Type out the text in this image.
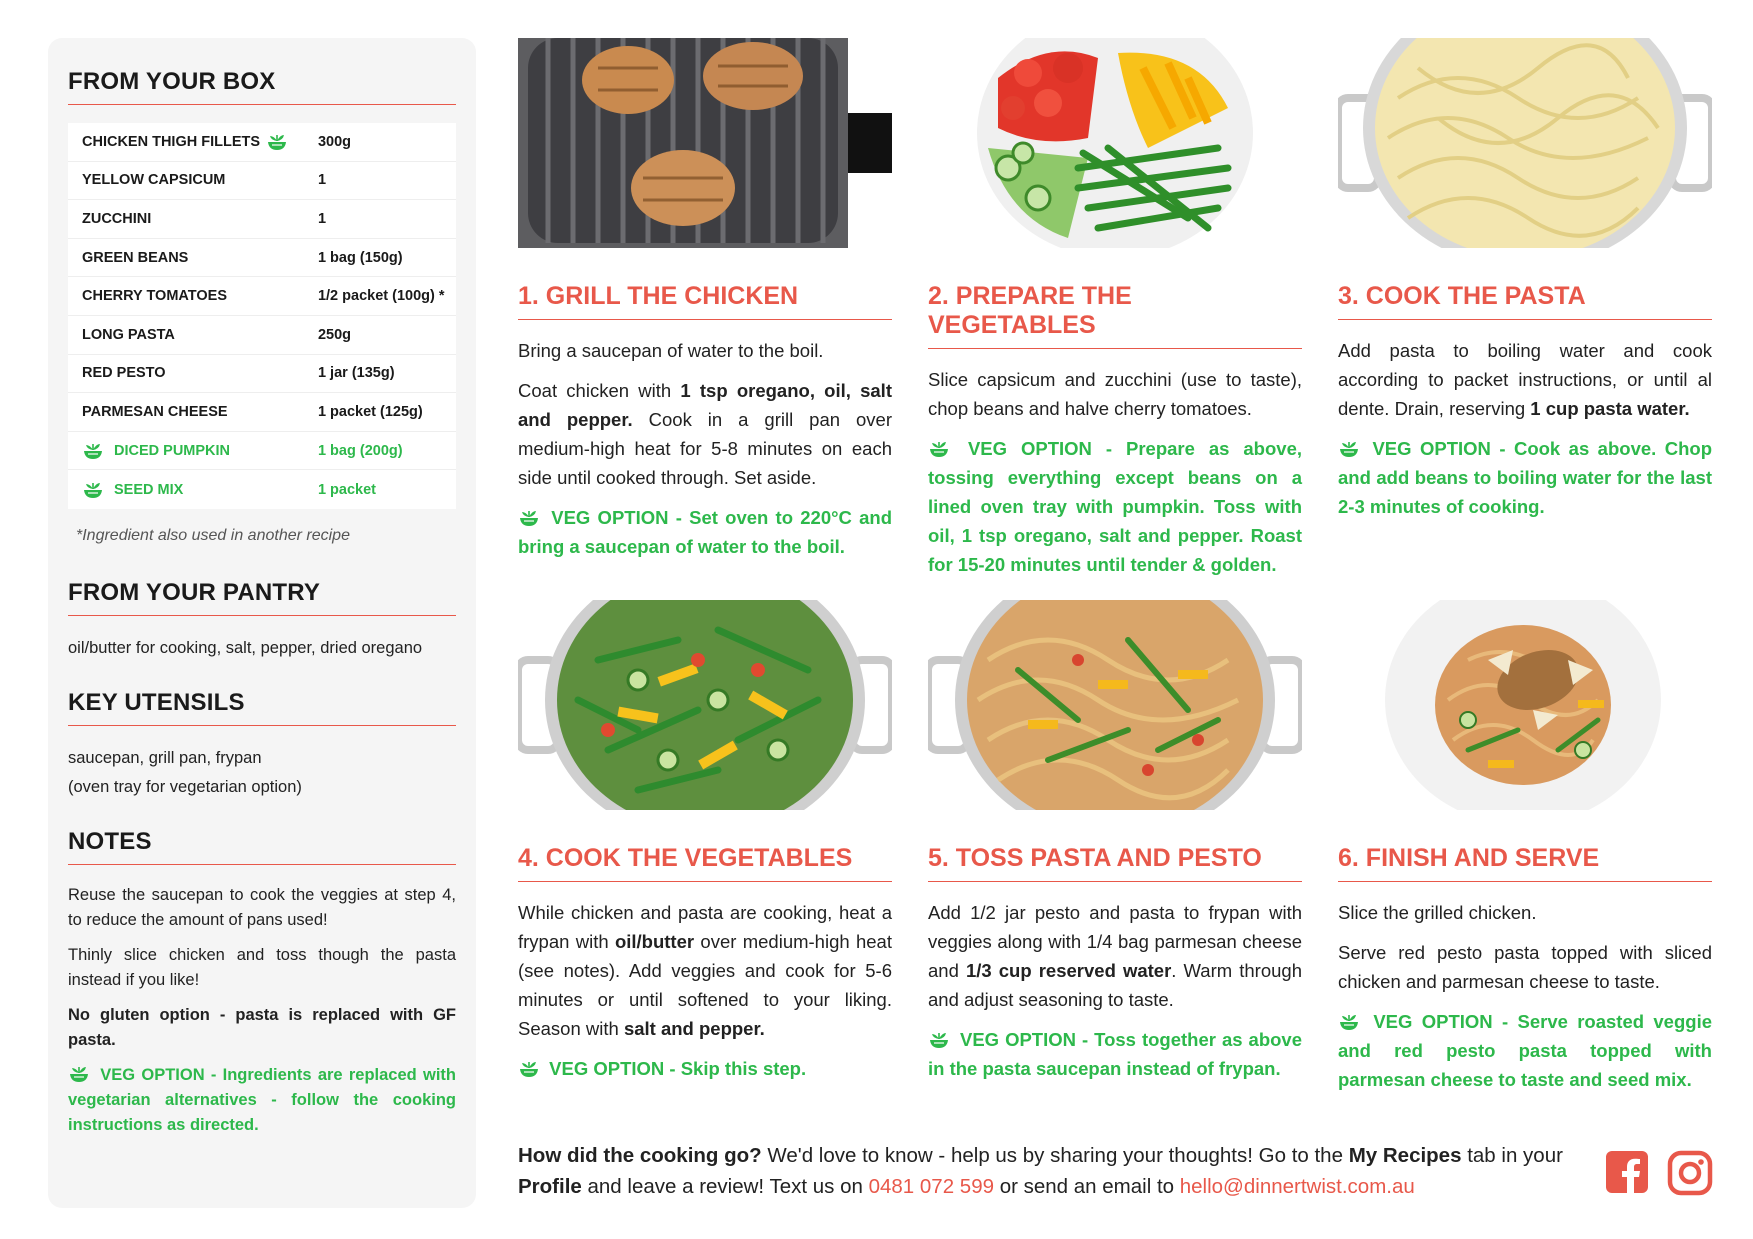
FROM YOUR BOX
CHICKEN THIGH FILLETS	300g
YELLOW CAPSICUM	1
ZUCCHINI	1
GREEN BEANS	1 bag (150g)
CHERRY TOMATOES	1/2 packet (100g) *
LONG PASTA	250g
RED PESTO	1 jar (135g)
PARMESAN CHEESE	1 packet (125g)
DICED PUMPKIN	1 bag (200g)
SEED MIX	1 packet
*Ingredient also used in another recipe
FROM YOUR PANTRY
oil/butter for cooking, salt, pepper, dried oregano
KEY UTENSILS
saucepan, grill pan, frypan
(oven tray for vegetarian option)
NOTES

Reuse the saucepan to cook the veggies at step 4, to reduce the amount of pans used!

Thinly slice chicken and toss though the pasta instead if you like!

No gluten option - pasta is replaced with GF pasta.

VEG OPTION - Ingredients are replaced with vegetarian alternatives - follow the cooking instructions as directed.

1. GRILL THE CHICKEN

Bring a saucepan of water to the boil.

Coat chicken with 1 tsp oregano, oil, salt and pepper. Cook in a grill pan over medium-high heat for 5-8 minutes on each side until cooked through. Set aside.

VEG OPTION - Set oven to 220°C and bring a saucepan of water to the boil.

2. PREPARE THE VEGETABLES

Slice capsicum and zucchini (use to taste), chop beans and halve cherry tomatoes.

VEG OPTION - Prepare as above, tossing everything except beans on a lined oven tray with pumpkin. Toss with oil, 1 tsp oregano, salt and pepper. Roast for 15-20 minutes until tender & golden.

3. COOK THE PASTA

Add pasta to boiling water and cook according to packet instructions, or until al dente. Drain, reserving 1 cup pasta water.

VEG OPTION - Cook as above. Chop and add beans to boiling water for the last 2-3 minutes of cooking.

4. COOK THE VEGETABLES

While chicken and pasta are cooking, heat a frypan with oil/butter over medium-high heat (see notes). Add veggies and cook for 5-6 minutes or until softened to your liking. Season with salt and pepper.

VEG OPTION - Skip this step.

5. TOSS PASTA AND PESTO

Add 1/2 jar pesto and pasta to frypan with veggies along with 1/4 bag parmesan cheese and 1/3 cup reserved water. Warm through and adjust seasoning to taste.

VEG OPTION - Toss together as above in the pasta saucepan instead of frypan.

6. FINISH AND SERVE

Slice the grilled chicken.

Serve red pesto pasta topped with sliced chicken and parmesan cheese to taste.

VEG OPTION - Serve roasted veggie and red pesto pasta topped with parmesan cheese to taste and seed mix.

How did the cooking go? We'd love to know - help us by sharing your thoughts! Go to the My Recipes tab in your Profile and leave a review! Text us on 0481 072 599 or send an email to hello@dinnertwist.com.au
